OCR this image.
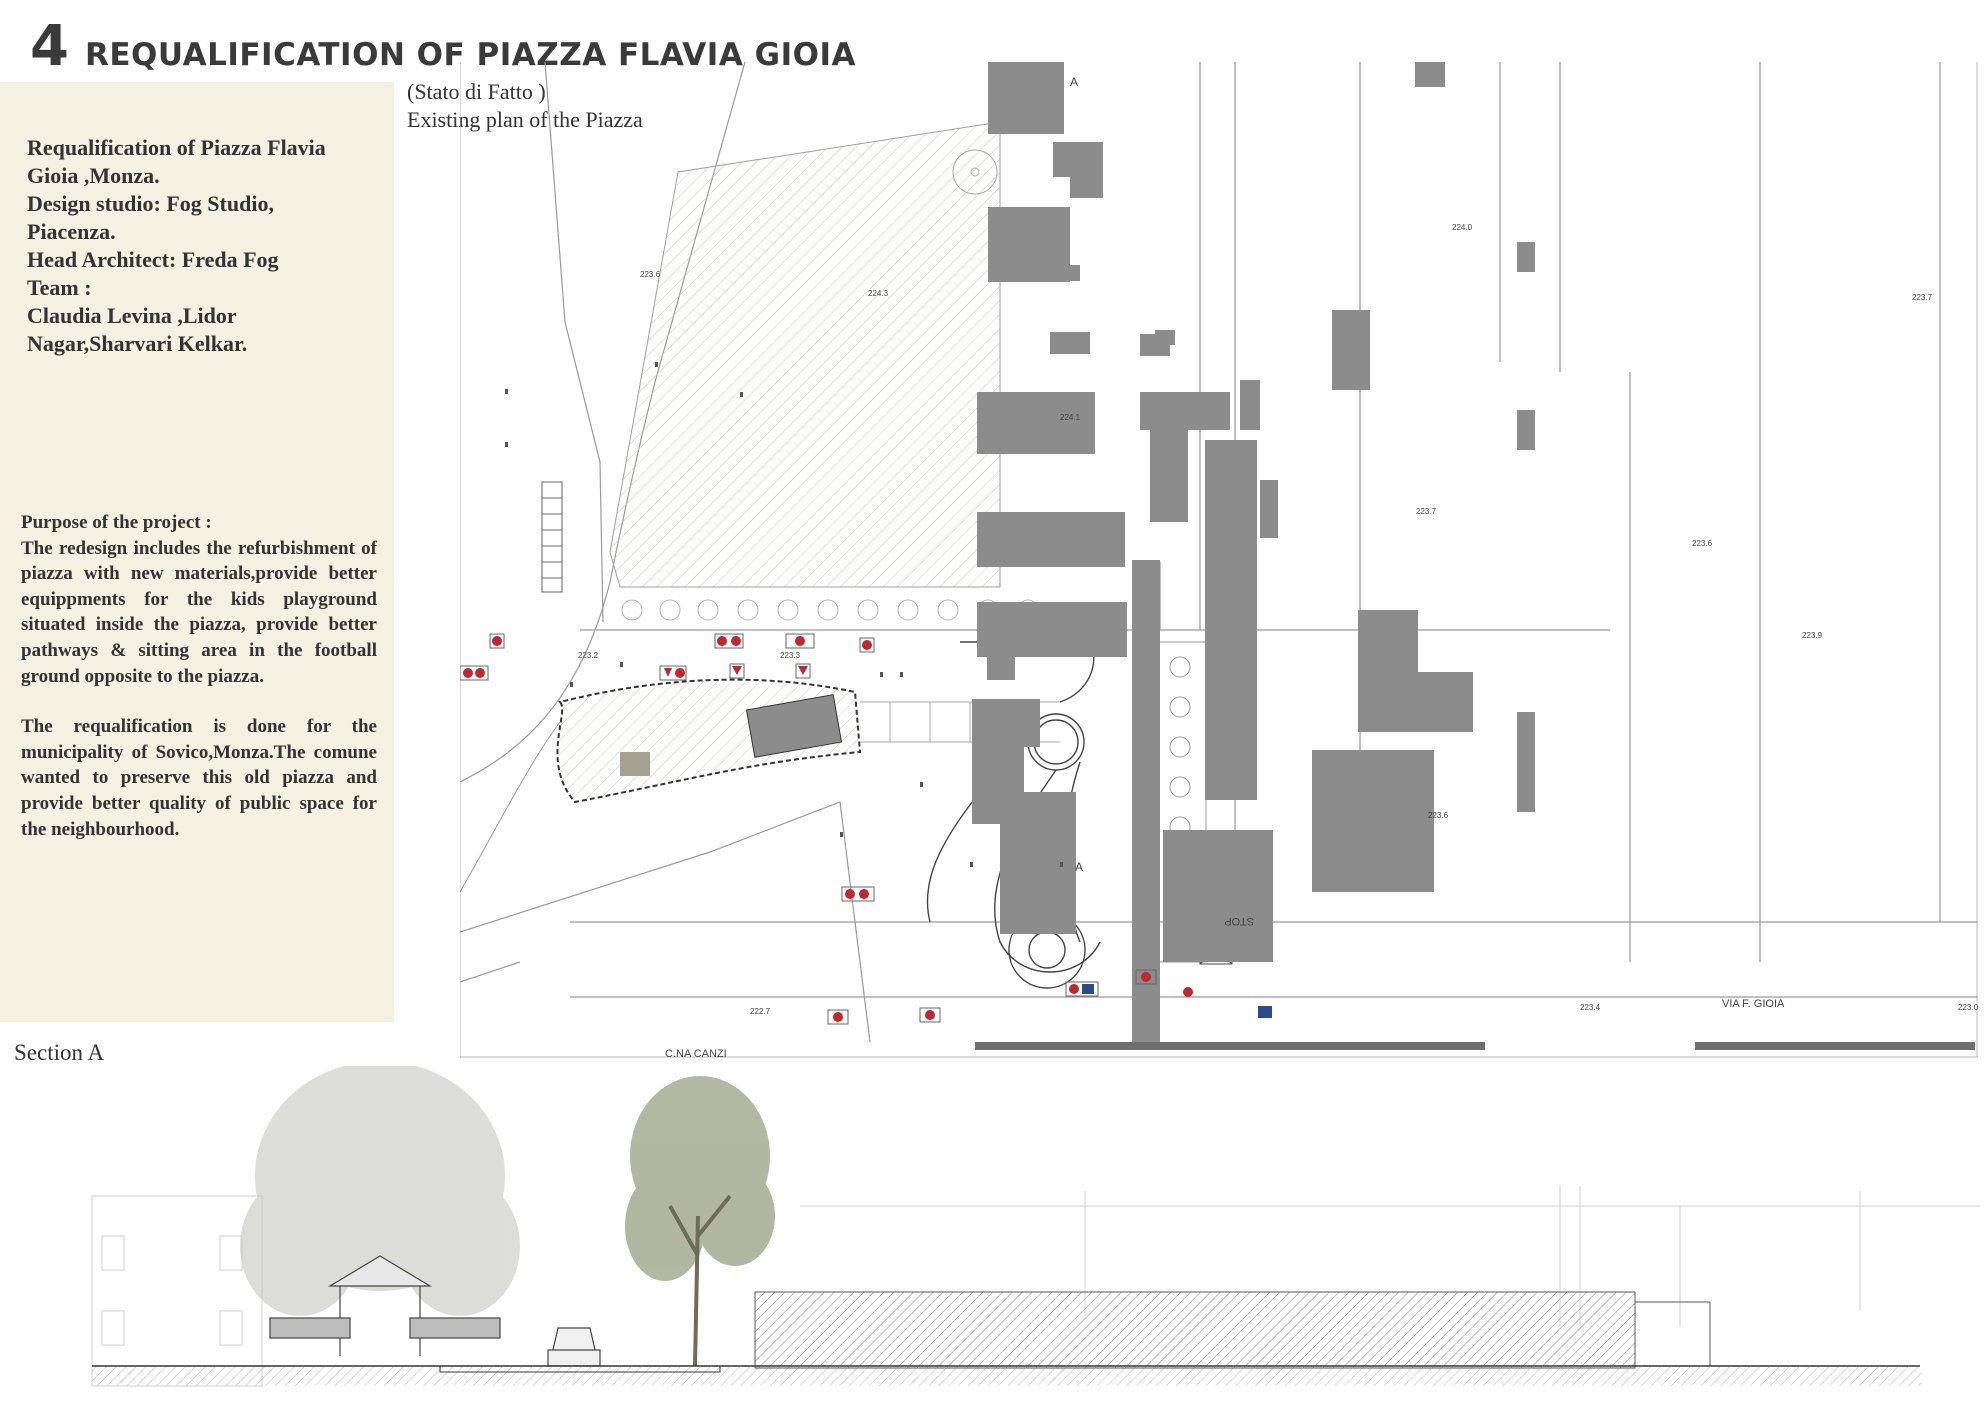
4 REQUALIFICATION OF PIAZZA FLAVIA GIOIA
Requalification of Piazza Flavia
Gioia ,Monza.
Design studio: Fog Studio,
Piacenza.
Head Architect: Freda Fog
Team :
Claudia Levina ,Lidor
Nagar,Sharvari Kelkar.
Purpose of the project :

The redesign includes the refurbishment of piazza with new materials,provide better equippments for the kids playground situated inside the piazza, provide better pathways & sitting area in the football ground opposite to the piazza.

The requalification is done for the municipality of Sovico,Monza.The comune wanted to preserve this old piazza and provide better quality of public space for the neighbourhood.

(Stato di Fatto )
Existing plan of the Piazza
A
A
C.NA CANZI
VIA F. GIOIA
STOP
223.6
224.3
224.1
224.0
223.7
223.7
223.6
223.9
223.6
223.2	223.3
222.7	223.4	223.0
Section A
